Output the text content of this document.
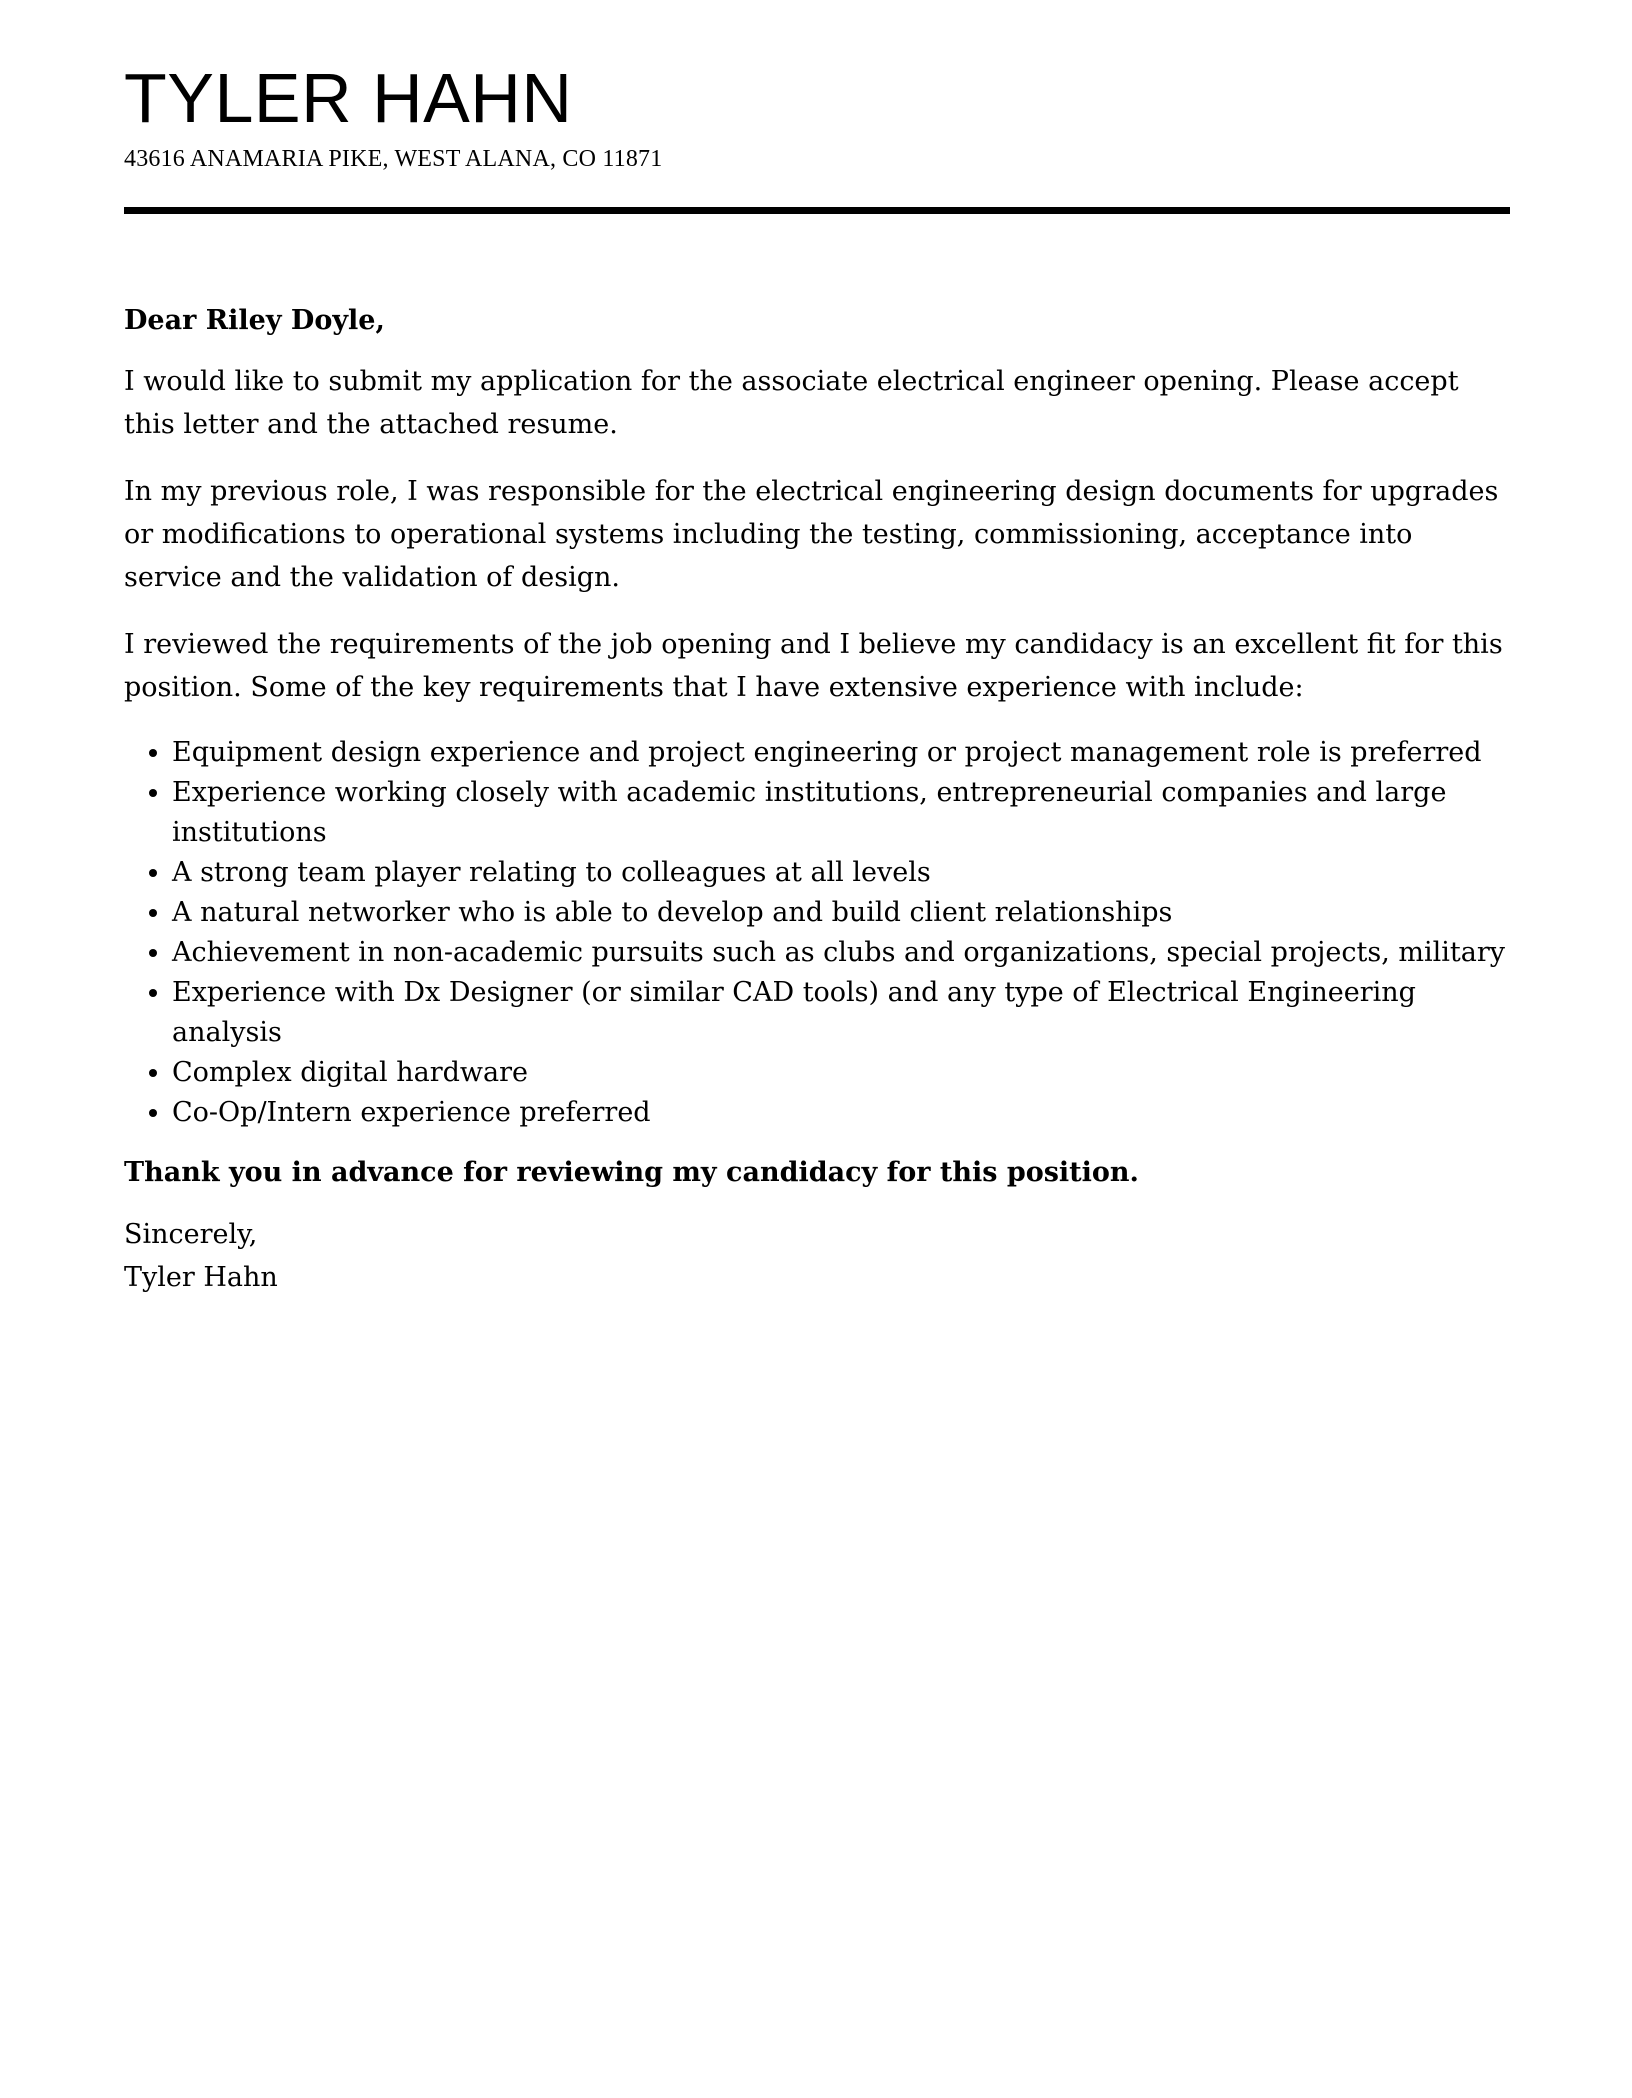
TYLER HAHN
43616 ANAMARIA PIKE, WEST ALANA, CO 11871

Dear Riley Doyle,

I would like to submit my application for the associate electrical engineer opening. Please accept this letter and the attached resume.

In my previous role, I was responsible for the electrical engineering design documents for upgrades or modifications to operational systems including the testing, commissioning, acceptance into service and the validation of design.

I reviewed the requirements of the job opening and I believe my candidacy is an excellent fit for this position. Some of the key requirements that I have extensive experience with include:

• Equipment design experience and project engineering or project management role is preferred
• Experience working closely with academic institutions, entrepreneurial companies and large institutions
• A strong team player relating to colleagues at all levels
• A natural networker who is able to develop and build client relationships
• Achievement in non-academic pursuits such as clubs and organizations, special projects, military
• Experience with Dx Designer (or similar CAD tools) and any type of Electrical Engineering analysis
• Complex digital hardware
• Co-Op/Intern experience preferred

Thank you in advance for reviewing my candidacy for this position.

Sincerely,

Tyler Hahn
